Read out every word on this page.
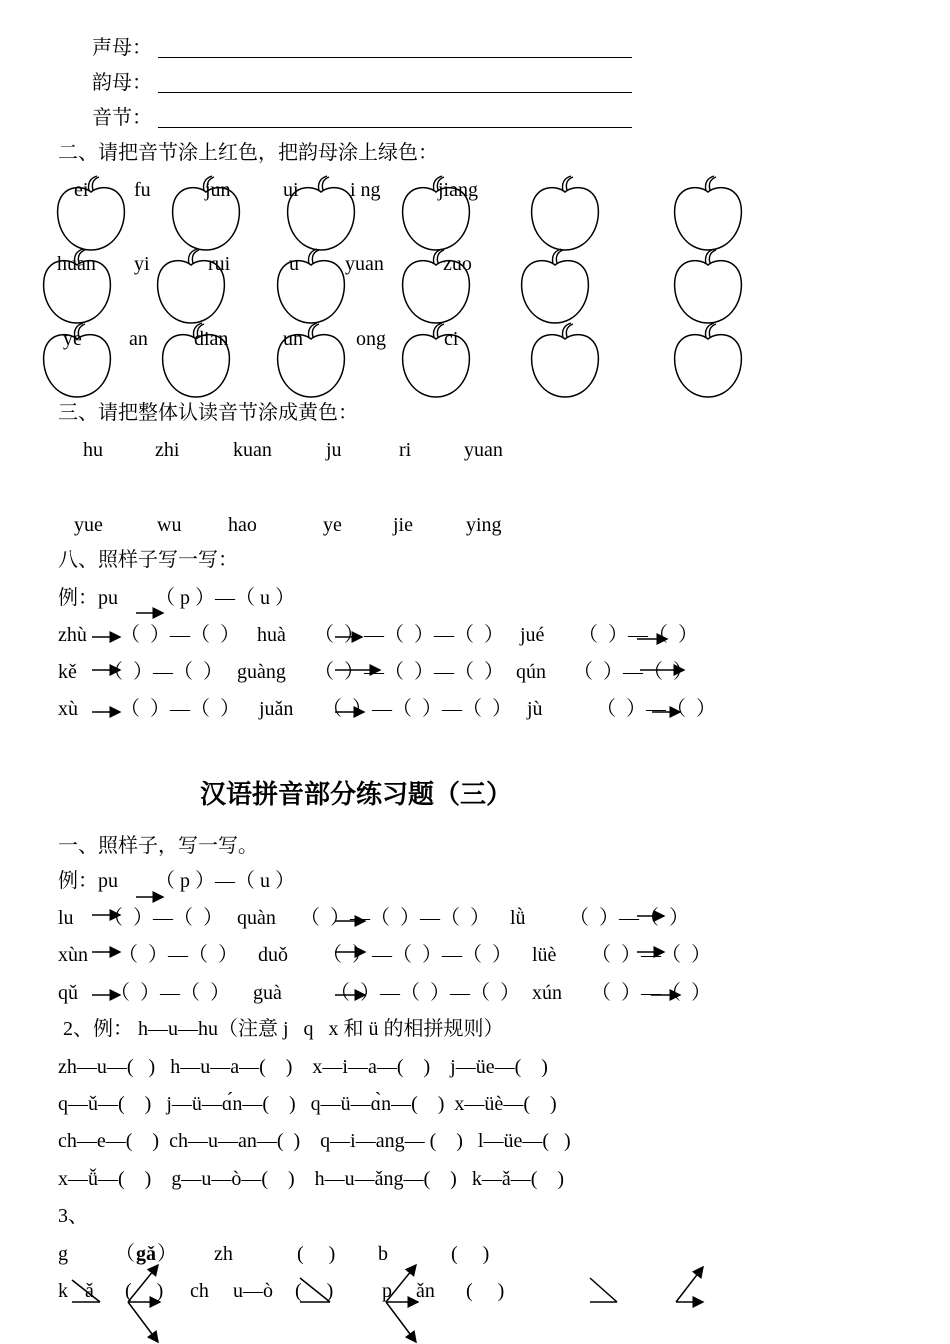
声母：
韵母：
音节：
二、请把音节涂上红色，把韵母涂上绿色：
ei fu	jun	ui	i ng	jiang
huan yi	rui	u yuan	zuo
ye an dian	un	ong	ci
三、请把整体认读音节涂成黄色：
hu	zhi	kuan	ju	ri	yuan
yue	wu hao	ye	jie	ying
八、照样子写一写：
例：pu （ p ）—（ u ）
zhù （  ）—（  ） huà （  ）—（  ）—（  ） jué （  ）—（  ）
kě （  ）—（  ） guàng （  ）—（  ）—（  ） qún （  ）—（  ）
xù （  ）—（  ） juǎn （  ）—（  ）—（  ） jù	（  ）—（  ）
汉语拼音部分练习题（三）
一、照样子，写一写。
例：pu （ p ）—（ u ）
lu （  ）—（  ） quàn （  ）—（  ）—（  ） lǜ （  ）—（  ）
xùn （  ）—（  ） duǒ （  ）—（  ）—（  ） lüè （  ）—（  ）
qǔ （  ）—（  ） guà （  ）—（  ）—（  ） xún （  ）—（  ）
2、例： h—u—hu（注意 j   q   x 和 ü 的相拼规则）
zh—u—(   )   h—u—a—(    )    x—i—a—(    )    j—üe—(    )
q—ǔ—(    )   j—ü—ɑ́n—(    )   q—ü—ɑ̀n—(    )  x—üè—(    )
ch—e—(    )  ch—u—an—(  )    q—i—ang— (    )   l—üe—(   )
x—ǚ—(    )    g—u—ò—(    )    h—u—ǎng—(    )   k—ǎ—(    )
3、
g （ gǎ ） zh	(     ) b	(     )
k ǎ (     ) ch u—ò (     ) p ǎn (     )
